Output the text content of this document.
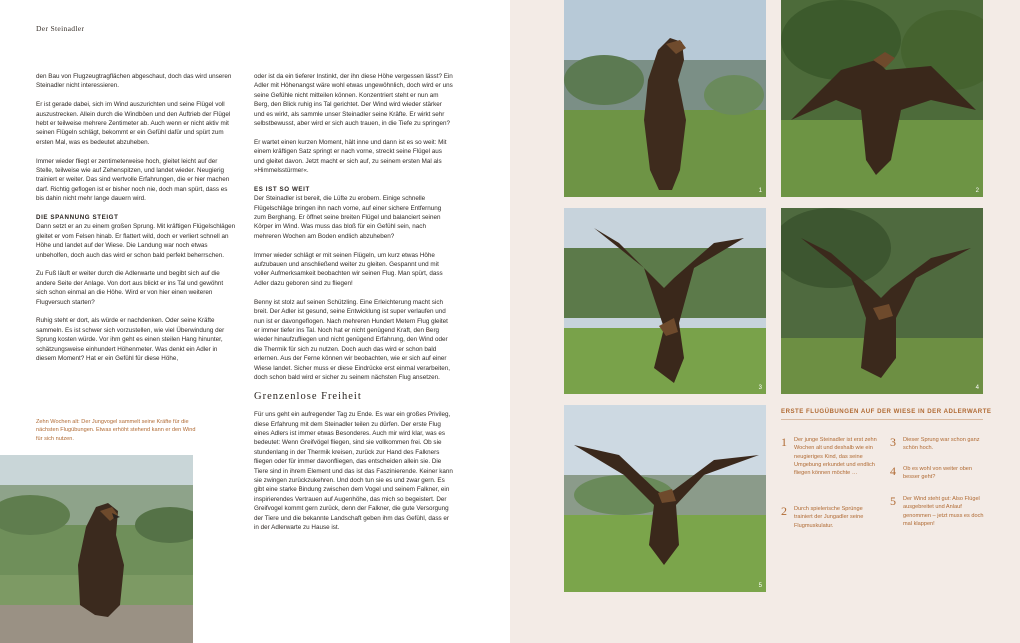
Der Steinadler

den Bau von Flugzeugtragflächen abgeschaut, doch das wird unseren Steinadler nicht interessieren.

Er ist gerade dabei, sich im Wind auszurichten und seine Flügel voll auszustrecken. Allein durch die Windböen und den Auftrieb der Flügel hebt er teilweise mehrere Zentimeter ab. Auch wenn er nicht aktiv mit seinen Flügeln schlägt, bekommt er ein Gefühl dafür und spürt zum ersten Mal, was es bedeutet abzuheben.

Immer wieder fliegt er zentimeterweise hoch, gleitet leicht auf der Stelle, teilweise wie auf Zehenspitzen, und landet wieder. Neugierig trainiert er weiter. Das sind wertvolle Erfahrungen, die er hier machen darf. Richtig geflogen ist er bisher noch nie, doch man spürt, dass es bis dahin nicht mehr lange dauern wird.

DIE SPANNUNG STEIGT

Dann setzt er an zu einem großen Sprung. Mit kräftigen Flügelschlägen gleitet er vom Felsen hinab. Er flattert wild, doch er verliert schnell an Höhe und landet auf der Wiese. Die Landung war noch etwas unbeholfen, doch auch das wird er schon bald perfekt beherrschen.

Zu Fuß läuft er weiter durch die Adlerwarte und begibt sich auf die andere Seite der Anlage. Von dort aus blickt er ins Tal und gewöhnt sich schon einmal an die Höhe. Wird er von hier einen weiteren Flugversuch starten?

Ruhig steht er dort, als würde er nachdenken. Oder seine Kräfte sammeln. Es ist schwer sich vorzustellen, wie viel Überwindung der Sprung kosten würde. Vor ihm geht es einen steilen Hang hinunter, schätzungsweise einhundert Höhenmeter. Was denkt ein Adler in diesem Moment? Hat er ein Gefühl für diese Höhe,

oder ist da ein tieferer Instinkt, der ihn diese Höhe vergessen lässt? Ein Adler mit Höhenangst wäre wohl etwas ungewöhnlich, doch wird er uns seine Gefühle nicht mitteilen können. Konzentriert steht er nun am Berg, den Blick ruhig ins Tal gerichtet. Der Wind wird wieder stärker und es wirkt, als sammle unser Steinadler seine Kräfte. Er wirkt sehr selbstbewusst, aber wird er sich auch trauen, in die Tiefe zu springen?

Er wartet einen kurzen Moment, hält inne und dann ist es so weit: Mit einem kräftigen Satz springt er nach vorne, streckt seine Flügel aus und gleitet davon. Jetzt macht er sich auf, zu seinem ersten Mal als »Himmelsstürmer«.

ES IST SO WEIT

Der Steinadler ist bereit, die Lüfte zu erobern. Einige schnelle Flügelschläge bringen ihn nach vorne, auf einer sichere Entfernung zum Berghang. Er öffnet seine breiten Flügel und balanciert seinen Körper im Wind. Was muss das bloß für ein Gefühl sein, nach mehreren Wochen am Boden endlich abzuheben?

Immer wieder schlägt er mit seinen Flügeln, um kurz etwas Höhe aufzubauen und anschließend weiter zu gleiten. Gespannt und mit voller Aufmerksamkeit beobachten wir seinen Flug. Man spürt, dass Adler dazu geboren sind zu fliegen!

Benny ist stolz auf seinen Schützling. Eine Erleichterung macht sich breit. Der Adler ist gesund, seine Entwicklung ist super verlaufen und nun ist er davongeflogen. Nach mehreren Hundert Metern Flug gleitet er immer tiefer ins Tal. Noch hat er nicht genügend Kraft, den Berg wieder hinaufzufliegen und nicht genügend Erfahrung, den Wind oder die Thermik für sich zu nutzen. Doch auch das wird er schon bald erlernen. Aus der Ferne können wir beobachten, wie er sich auf einer Wiese landet. Sicher muss er diese Eindrücke erst einmal verarbeiten, doch schon bald wird er sicher zu seinem nächsten Flug ansetzen.

Grenzenlose Freiheit

Für uns geht ein aufregender Tag zu Ende. Es war ein großes Privileg, diese Erfahrung mit dem Steinadler teilen zu dürfen. Der erste Flug eines Adlers ist immer etwas Besonderes. Auch mir wird klar, was es bedeutet: Wenn Greifvögel fliegen, sind sie vollkommen frei. Ob sie stundenlang in der Thermik kreisen, zurück zur Hand des Falkners fliegen oder für immer davonfliegen, das entscheiden allein sie. Die Tiere sind in ihrem Element und das ist das Faszinierende. Keiner kann sie zwingen zurückzukehren. Und doch tun sie es und zwar gern. Es gibt eine starke Bindung zwischen dem Vogel und seinem Falkner, ein inspirierendes Vertrauen auf Augenhöhe, das mich so begeistert. Der Greifvogel kommt gern zurück, denn der Falkner, die gute Versorgung der Tiere und die bekannte Landschaft geben ihm das Gefühl, dass er in der Adlerwarte zu Hause ist.

Zehn Wochen alt: Der Jungvogel sammelt seine Kräfte für die nächsten Flugübungen. Etwas erhöht stehend kann er den Wind für sich nutzen.
1	2
3	4
5
ERSTE FLUGÜBUNGEN AUF DER WIESE IN DER ADLERWARTE
1	Der junge Steinadler ist erst zehn Wochen alt und deshalb wie ein neugieriges Kind, das seine Umgebung erkundet und endlich fliegen können möchte …
2	Durch spielerische Sprünge trainiert der Jungadler seine Flugmuskulatur.
3	Dieser Sprung war schon ganz schön hoch.
4	Ob es wohl von weiter oben besser geht?
5	Der Wind steht gut: Also Flügel ausgebreitet und Anlauf genommen – jetzt muss es doch mal klappen!
